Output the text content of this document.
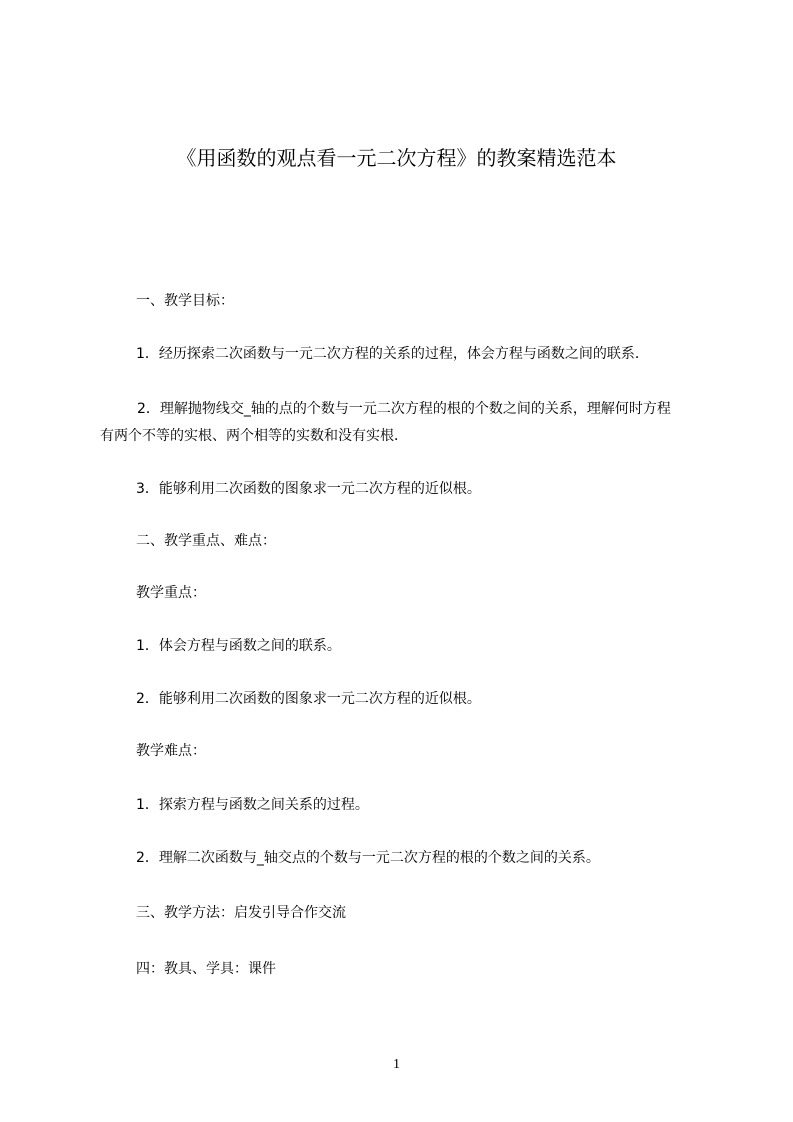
《用函数的观点看一元二次方程》的教案精选范本

一、教学目标：

1．经历探索二次函数与一元二次方程的关系的过程，体会方程与函数之间的联系．

2．理解抛物线交_轴的点的个数与一元二次方程的根的个数之间的关系，理解何时方程有两个不等的实根、两个相等的实数和没有实根．

3．能够利用二次函数的图象求一元二次方程的近似根。

二、教学重点、难点：

教学重点：

1．体会方程与函数之间的联系。

2．能够利用二次函数的图象求一元二次方程的近似根。

教学难点：

1．探索方程与函数之间关系的过程。

2．理解二次函数与_轴交点的个数与一元二次方程的根的个数之间的关系。

三、教学方法：启发引导合作交流

四：教具、学具：课件

1
